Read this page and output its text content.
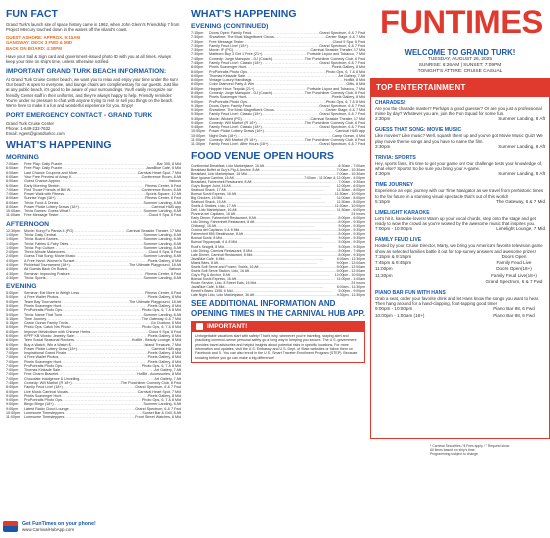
FUN FACT

Grand Turk's launch site of space history came in 1962, when John Glenn's Friendship 7 from Project Mercury touched down in the waters off the island's coast.

GUEST ASHORE: APPROX. 9:15AM

GANGWAY: DECK 3 FWD & MID

BACK ON BOARD: 4:30PM

Have your Sail & Sign card and government-issued photo ID with you at all times. Always keep your time on ship's time, unless otherwise notified.

IMPORTANT GRAND TURK BEACH INFORMATION:

At Grand Turk Cruise Center beach, we want you to relax and enjoy your time under the sun! Our beach is open to everyone, and lounge chairs are complimentary for our guests. Just like at any public beach, it's good to be aware of your surroundings. You'll easily recognize our friendly Center staff in their uniforms, and they're always happy to help. Friendly reminder: You're under no pressure to chat with anyone trying to rent or sell you things on the beach. We're here to make it a fun and wonderful experience for you. Enjoy!

PORT EMERGENCY CONTACT - GRAND TURK

Grand Turk Cruise Center

Phone: 1-649-232-7632

Email: Agent@grandturkcc.com

WHAT'S HAPPENING
MORNING
7:00am	Free Play: Daily Puzzle .....	Bar 305, 8 Mid
6:00am	Free Play: Daily Puzzle .....	JavaBlue Café, 6 Mid
6:00am	Last Chance Coupons and More .....	Carnival Heart Spot, 7 Mid
6:00am	Your Free Preview of Array K .....	Conference Room, 8 Aft
6:00am	Guest Chance Approx .....	Various
6:00am	Early Morning Stretch .....	Fitness Center, 6 Fwd
7:00am	Find Those Friends of Bill W. .....	Conference Room, 8 Aft
7:00am	Power Walk with Fitness .....	Sports Square, 12 Aft
8:00am	Sunrise Yoga (18+) .....	Fitness Center, 6 Fwd
8:00am	Trivia: Food & Drinks .....	Summer Landing, 8 Aft
8:00am	Power Pickle Lottery Draws (18+) .....	Carnival HUB app
10:00am Trivia Games: Guess What? .....	Summer Landing, 8 Aft
11:00am	Free Message Tester .....	Cloud 9 Spa, 6 Fwd
AFTERNOON
12:30pm Movie: Kung Fu Panda 4 (PG) .....	Carnival Seaside Theater, 17 Mid
1:00pm	Trivia: Daily Central .....	Summer Landing, 8 Aft
1:00pm	Trivia: Board Games .....	Summer Landing, 8 Aft
1:00pm	Trivia: Fables & Fairy Tales .....	Summer Landing, 8 Aft
1:00pm	Trivia: Pop Culture .....	Summer Landing, 8 Aft
2:00pm	Three-Minute Makeovers .....	Cloud 9 Spa, 6 Fwd
2:00pm	Guess That Song: Movie Music .....	Summer Landing, 8 Aft
4:00pm	A Free Hand: Women's Sunset .....	Pixels Gallery, 8 Mid
4:00pm	Pickleball Tournament (18+) .....	The Ultimate Playground, 18 Aft
4:00pm	All Guests Back On Board .....	Various
4:30pm	Seminar: Improving Posture .....	Fitness Center, 6 Fwd
4:30pm	Trivia: Sports .....	Summer Landing, 8 Aft
EVENING
5:00pm	Seminar: Eat More to Weigh Less .....	Fitness Center, 6 Fwd
5:00pm	4 Free Wallet Photos .....	Pixels Gallery, 8 Mid
5:00pm	Team Bay Tournament .....	The Ultimate Playground, 18 Aft
5:00pm	Pixels Scavenger Hunt .....	Pixels Gallery, 8 Mid
5:00pm	ProPortraits Photo Ops .....	Photo Ops, 6, 7 & 8 Mid
5:00pm	Trivia: Name That Tune .....	Summer Landing, 8 Aft
5:15pm	Time Journey .....	The Gateway, 6 & 7 Mid
5:15pm	Carne Ocean Family Trivia .....	Go Outdoor, 6 Mid
6:00pm	Photo Ops: Catch Nrs Photo .....	Photo Ops, 6, 7 & 8 Mid
6:00pm	Improve Metabolism with Chinese Herbs .....	Cloud 9 Spa, 6 Fwd
6:00pm	KPFF KB Words: Jewelry Sale .....	Pixels Gallery, 8 Mid
6:00pm	Teen Social Seasonal Rockers .....	HotBit - Beauty Lounge, 8 Mid
6:00pm	Buy a Watch, Win a Watch $ .....	Island Treasure, 7 Mid
6:30pm	Power Pickle Lottery Draw (18+) .....	Carnival HUB app
7:00pm	Inspirational Grand Finale .....	Pixels Gallery, 8 Mid
7:00pm	4 Free Wallet Photos .....	Pixels Gallery, 8 Mid
7:00pm	Pixels Scavenger Hunt .....	Pixels Gallery, 8 Mid
7:00pm	ProPortraits Photo Ops .....	Photo Ops, 6, 7 & 8 Mid
7:00pm	Thomas Kinkade Sale .....	Art Gallery, 7 Aft
7:00pm	Free Charm Bracelet .....	HotBit - Accessories, 8 Mid
7:00pm	Chocolate Indulgence & Unveiling .....	Art Gallery, 7 Aft
7:45pm	Comedy: Will Marfori (R 18+) .....	The Punchliner Comedy Club, 6 Fwd
8:00pm	Family Feud Live! (18+) .....	Grand Spectrum, 6 & 7 Fwd
8:00pm	Live Music Carnival Vocals .....	Carnival Heart Spot, 7 Mid
9:00pm	Pixels Scavenger Hunt .....	Pixels Gallery, 8 Mid
9:00pm	ProPortraits Photo Ops .....	Photo Ops, 6, 7 & 8 Mid
9:00pm	Bingo Bingo (18+) .....	Summer Landing, 8 Aft
9:00pm	Latest Radio Cloud Lounge .....	Grand Spectrum, 6 & 7 Fwd
10:00pm Lonesome Timesteppers .....	Sunset Bar & Grill, 8 Aft
11:00pm	Lonesome Timesteppers .....	Front Street Watches, 6 Mid
Get FunTimes on your phone!
www.CarnivalHubApp.com
WHAT'S HAPPENING
EVENING (CONTINUED)
7:15pm	Doors Open: Family Feud .....	Grand Spectrum, 6 & 7 Fwd
7:30pm	Showtime: The Most Magnificent Circus .....	Center Stage, 6 & 7 Mid
7:30pm	Free Message Tester .....	Cloud 9 Spa, 6 Fwd
7:30pm	Family Feud Live! (18+) .....	Grand Spectrum, 6 & 7 Fwd
7:30pm	Movie: IF (PG) .....	Carnival Seaside Theater, 17 Mid
7:30pm	Marlboro Buy 3 Get 1 Free (21+) .....	Portside Liquor and Tobacco, 7 Mid
7:45pm	Comedy: Jorge Marsquin - DJ (Coach) .....	The Punchliner Comedy Club, 6 Fwd
7:45pm	Family Feud Live!: Classic (18+) .....	Grand Spectrum, 6 & 7 Fwd
8:00pm	Pixels Scavenger Hunt .....	Pixels Gallery, 8 Mid
8:00pm	ProPortraits Photo Ops .....	Photo Ops, 6, 7 & 8 Mid
8:00pm	Thomas Kinkade Sale .....	Art Gallery, 7 Aft
8:00pm	Vintage Luxury Handbags .....	HotBit, 8 Mid
8:00pm	Color Diamond Party & Win .....	Gifts, 8 Mid
8:00pm	Happier Hour: Tequila (21+) .....	Portside Liquor and Tobacco, 7 Mid
8:45pm	Comedy: Jorge Marsquin - DJ (Coach) .....	The Punchliner Comedy Club, 6 Fwd
9:00pm	Pixels Scavenger Hunt .....	Pixels Gallery, 8 Mid
9:00pm	ProPortraits Photo Ops .....	Photo Ops, 6, 7 & 8 Mid
9:15pm	Doors Open: Family Feud .....	Grand Spectrum, 6 & 7 Fwd
9:30pm	Showtime: The Most Magnificent Circus .....	Center Stage, 6 & 7 Mid
9:30pm	Family Feud Live!: Classic (18+) .....	Grand Spectrum, 6 & 7 Fwd
9:30pm	Movie: Wicked (PG) .....	Carnival Seaside Theater, 17 Mid
9:45pm	Comedy: Will Marfori (R 18+) .....	The Punchliner Comedy Club, 6 Fwd
9:45pm	Family Feud Live!: Classic (18+) .....	Grand Spectrum, 6 & 7 Fwd
10:00pm Power Pickle Lottery Draws (18+) .....	Carnival HUB app
10:00pm Night Owls (18+) .....	Camp Ocean, 4 Mid
11:00pm	Comedy: Will Marfori (R 18+) .....	The Punchliner Comedy Club, 6 Fwd
11:30pm	Family Feud Live!: After Hours (18+) .....	Grand Spectrum, 6 & 7 Fwd
FOOD VENUE OPEN HOURS
Continental Breakfast, Lido Marketplace, 16 Aft .....	6:30am - 7:00am
Breakfast Buffet at Guy's Pig & Anchor, 8 Aft .....	7:00am - 10:30am
Breakfast, Lido Marketplace, 16 Mid .....	7:00am - 10:30am
Blue Iguana Cantina, 16 Aft .....	7:00am - 11:30am & 12:00pm - 4:00pm
Breakfast, Fahrenheit Restaurant, 8 Aft .....	7:00am - 9:30am
Guy's Burger Joint, 16 Aft .....	12:00pm - 6:00pm
Seafood Shack, 17 Aft .....	11:30am - 8:00pm
Bonsai Sushi Express, 16 Aft .....	11:30am - 10:00pm
Big Chicken, 16 Mid .....	11:00am - 8:00pm
Seafood Shack, 15 Aft .....	11:30am - 8:00pm
Swirls & Shakes, Lido, 17 Aft .....	11:30am - 10:00pm
Deli, Lido Marketplace, 16 Aft .....	11:30am - 6:00pm
Pizzeria del Capitano, 16 Aft .....	24 hours
Early Dinner, Fahrenheit Restaurant, 8 Aft .....	5:00pm - 6:00pm
Lido Dining, Fahrenheit Restaurant, 8 Aft .....	5:00pm - 9:30pm
Chibang!, 16 Aft .....	5:00pm - 9:30pm
Cucina del Capitano, 6 & 8 Mid .....	5:00pm - 9:30pm
Fahrenheit 555 Steakhouse, 8 Aft .....	5:00pm - 9:30pm
Bonsai Sushi, 8 Mid .....	5:00pm - 9:30pm
Bonsai Teppanyaki, 6 & 8 Mid .....	5:00pm - 9:30pm
Rudi's Seagrill, 8 Mid .....	5:00pm - 9:30pm
Lido Dining, Carnival Restaurant, 8 Mid .....	5:00pm - 7:45pm
Late Dinner, Carnival Restaurant, 8 Mid .....	8:00pm - 9:30pm
JavaBlue Café, 6 Mid .....	6:00am - 11:30pm
Miami Bites, 8 Aft .....	9:00pm - 12:00am
Swirls Soft Serve and Frozen, Swirls, 16 Aft .....	9:00pm - 12:00am
Swirls Soft Serve Station, Lido, 16 Aft .....	9:00pm - 12:00am
Guy's Pig & Anchor, 8 Aft .....	12:00pm - 10:00pm
Bonsai Sushi Express, 16 Aft .....	11:00pm - 1:00am
Room Service, Lido, 8 Street Eats, 16 Mid .....	24 hours
JavaBlue Café, 6 Mid .....	6:00am - 11:30pm
Emeril's Bistro 1396, 6 Mid .....	5:00pm - 9:00pm
Late Night Lido, Lido Marketplace, 16 Aft .....	9:30pm - 11:30pm
SEE ADDITIONAL INFORMATION AND OPENING TIMES IN THE CARNIVAL HUB APP.
IMPORTANT!

Unforgettable vacations start with safety! That's why, whenever you're traveling, staying alert and practicing common-sense personal safety go a long way in keeping you secure. The U.S. government provides travel advisories and helpful insights about potential risks in specific locations. For more information and updates, visit the U.S. Embassy and U.S. Dept. of State websites or follow them on Facebook and X. You can also enroll in the U.S. Smart Traveler Enrollment Program (STEP). Because knowing before you go can make a big difference!

FUNTIMES
WELCOME TO GRAND TURK!
TUESDAY, AUGUST 26, 2025
SUNRISE: 6:26AM | SUNSET: 7:09PM
TONIGHT'S ATTIRE: CRUISE CASUAL
TOP ENTERTAINMENT
CHARADES!
Are you the charade master? Perhaps a good guesser? Or are you just a professional mime by day? Whatever you are, join the Fun Squad for some fun.
2:30pm	Summer Landing, 8 Aft
GUESS THAT SONG: MOVIE MUSIC
Like movies? Like music? Well, squash them up and you've got Movie Music Quiz! We play movie theme songs and you have to name the film.
3:30pm	Summer Landing, 8 Aft
TRIVIA: SPORTS
Hey, sports fans, it's time to get your game on! Our challenge tests your knowledge of, what else? Sports! So be sure you bring your A-game.
4:30pm	Summer Landing, 8 Aft
TIME JOURNEY
Experience an epic journey with our Time Navigator as we travel from prehistoric times to the far future in a stunning visual spectacle that's out of this world!
5:15pm	The Gateway, 6 & 7 Mid
LIMELIGHT KARAOKE
Let's hit it, karaoke-lovers! Warm up your vocal chords, step onto the stage and get ready to wow the crowd as you're wowed by the awesome music that inspires you.
7:00pm - 10:00pm	Limelight Lounge, 7 Mid
FAMILY FEUD LIVE
Hosted by your Cruise Director, Marty, we bring you America's favorite television game show as selected families battle it out for top-survey answers and awesome prizes!
7:15pm & 9:15pm	Doors Open
7:45pm & 9:45pm	Family Feud Live
11:00pm	Doors Open(18+)
11:30pm	Family Feud Live(18+)
Grand Spectrum, 6 & 7 Fwd
PIANO BAR FUN WITH HANS
Grab a seat, order your favorite drink and let Hans know the songs you want to hear. Then hang around for a hand-clapping, foot-tapping good time!
9:00pm - 10:00pm	Piano Bar 88, 6 Fwd
10:00pm - 1:00am (18+)	Piano Bar 88, 6 Fwd
* Carnival Securities / $ Fees apply / ° Request show
All times based on ship's time.
Programming subject to change.
